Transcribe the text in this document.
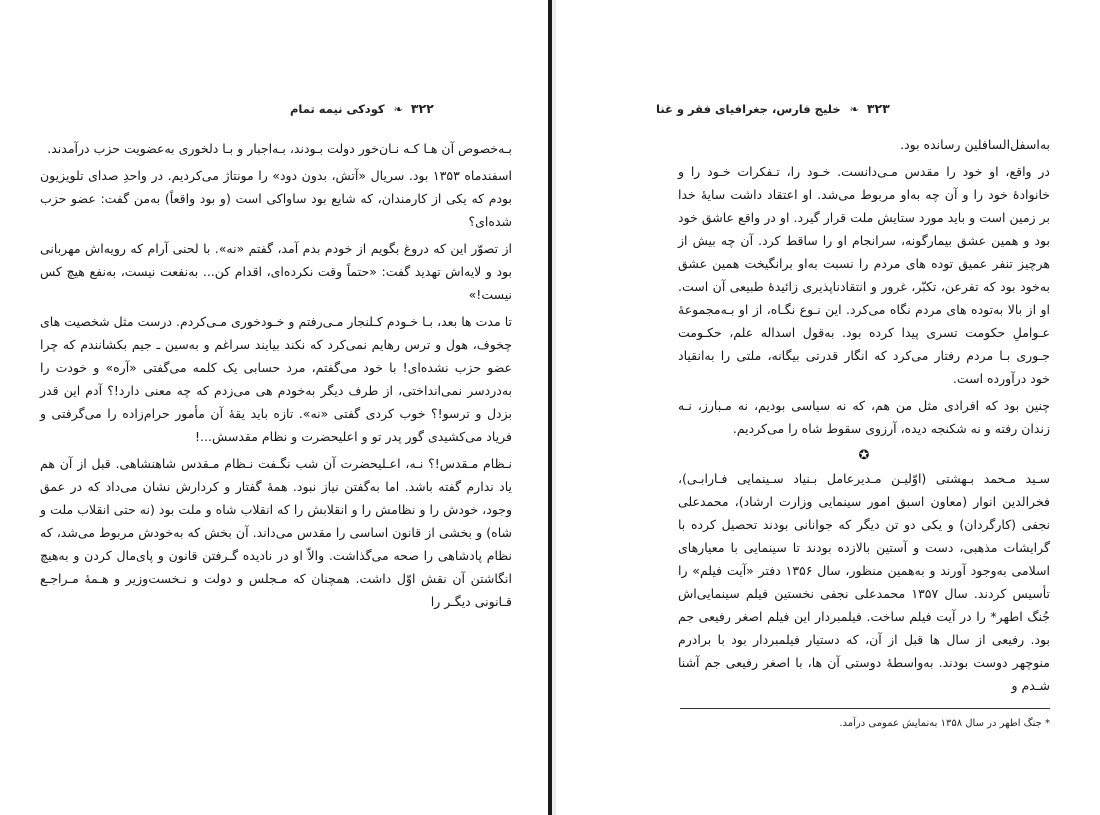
۳۲۲ ❧ کودکی نیمه تمام

بـه‌خصوص آن‌ هـا کـه نـان‌خور دولت بـودند، بـه‌اجبار و بـا دلخوری به‌عضویت حزب درآمدند.

اسفندماه ۱۳۵۳ بود. سریال «آتش، بدون دود» را مونتاژ می‌کردیم. در واحدِ صدای تلویزیون بودم که یکی از کارمندان، که شایع بود ساواکی است (و بود واقعاً) به‌من گفت: عضو حزب شده‌ای؟

از تصوّر این که دروغ بگویم از خودم بدم آمد، گفتم «نه». با لحنی آرام که رویه‌اش مهربانی بود و لایه‌اش تهدید گفت: «حتماً وقت نکرده‌ای، اقدام کن... به‌نفعت نیست، به‌نفع هیچ کس نیست!»

تا مدت ها بعد، بـا خـودم کـلنجار مـی‌رفتم و خـودخوری مـی‌کردم. درست مثل شخصیت های چخوف، هول و ترس رهایم نمی‌کرد که نکند بیایند سراغم و به‌سین ـ جیم بکشانندم که چرا عضو حزب نشده‌ای! با خود می‌گفتم، مرد حسابی یک کلمه می‌گفتی «آره» و خودت را به‌دردسر نمی‌انداختی، از طرف دیگر به‌خودم هی می‌زدم که چه معنی دارد!؟ آدم این قدر بزدل و ترسو!؟ خوب کردی گفتی «نه». تازه باید یقهٔ آن مأمور حرام‌زاده را می‌گرفتی و فریاد می‌کشیدی گور پدر تو و اعلیحضرت و نظام مقدسش...!

نـظام مـقدس!؟ نـه، اعـلیحضرت آن شب نگـفت نـظام مـقدس شاهنشاهی. قبل از آن هم یاد ندارم گفته باشد. اما به‌گفتن نیاز نبود. همهٔ گفتار و کردارش نشان می‌داد که در عمق وجود، خودش را و نظامش را و انقلابش را که انقلاب شاه و ملت بود (نه حتی انقلاب ملت و شاه) و بخشی از قانون اساسی را مقدس می‌داند. آن بخش که به‌خودش مربوط می‌شد، که نظام پادشاهی را صحه می‌گذاشت. والاّ او در نادیده گـرفتن قانون و پای‌مال کردن و به‌هیچ انگاشتن آن نقش اوّل داشت. همچنان که مـجلس و دولت و نـخست‌وزیر و هـمهٔ مـراجـع قـانونی دیگـر را

۳۲۳ ❧ خلیج فارس، جغرافیای فقر و غنا

به‌اسفل‌السافلین رسانده بود.

در واقع، او خود را مقدس مـی‌دانست. خـود را، تـفکرات خـود را و خانوادهٔ خود را و آن چه به‌او مربوط می‌شد. او اعتقاد داشت سایهٔ خدا بر زمین است و باید مورد ستایش ملت قرار گیرد. او در واقع عاشق خود بود و همین عشق بیمارگونه، سرانجام او را ساقط کرد. آن چه بیش از هرچیز تنفر عمیق توده های مردم را نسبت به‌او برانگیخت همین عشق به‌خود بود که تفرعن، تکبّر، غرور و انتقادناپذیری زائیدهٔ طبیعی آن است. او از بالا به‌توده های مردم نگاه می‌کرد. این نـوع نگـاه، از او بـه‌مجموعهٔ عـواملِ حکومت تسری پیدا کرده بود. به‌قول اسداله علم، حکـومت جـوری بـا مردم رفتار می‌کرد که انگار قدرتی بیگانه، ملتی را به‌انقیاد خود درآورده است.

چنین بود که افرادی مثل من هم، که نه سیاسی بودیم، نه مـبارز، نـه زندان رفته و نه شکنجه دیده، آرزوی سقوط شاه را می‌کردیم.

✪

سـید مـحمد بـهشتی (اوّلیـن مـدیرعامل بـنیاد سـینمایی فـارابـی)، فخرالدین انوار (معاون اسبق امور سینمایی وزارت ارشاد)، محمدعلی نجفی (کارگردان) و یکی دو تن دیگر که جوانانی بودند تحصیل کرده با گرایشات مذهبی، دست و آستین بالازده بودند تا سینمایی با معیارهای اسلامی به‌وجود آورند و به‌همین منظور، سال ۱۳۵۶ دفتر «آیت فیلم» را تأسیس کردند. سال ۱۳۵۷ محمدعلی نجفی نخستین فیلم سینمایی‌اش جُنگ اطهر* را در آیت فیلم ساخت. فیلمبردار این فیلم اصغر رفیعی جم بود. رفیعی از سال ها قبل از آن، که دستیار فیلمبردار بود با برادرم منوچهر دوست بودند. به‌واسطهٔ دوستی آن ها، با اصغر رفیعی جم آشنا شـدم و

* جنگ اطهر در سال ۱۳۵۸ به‌نمایش عمومی درآمد.
